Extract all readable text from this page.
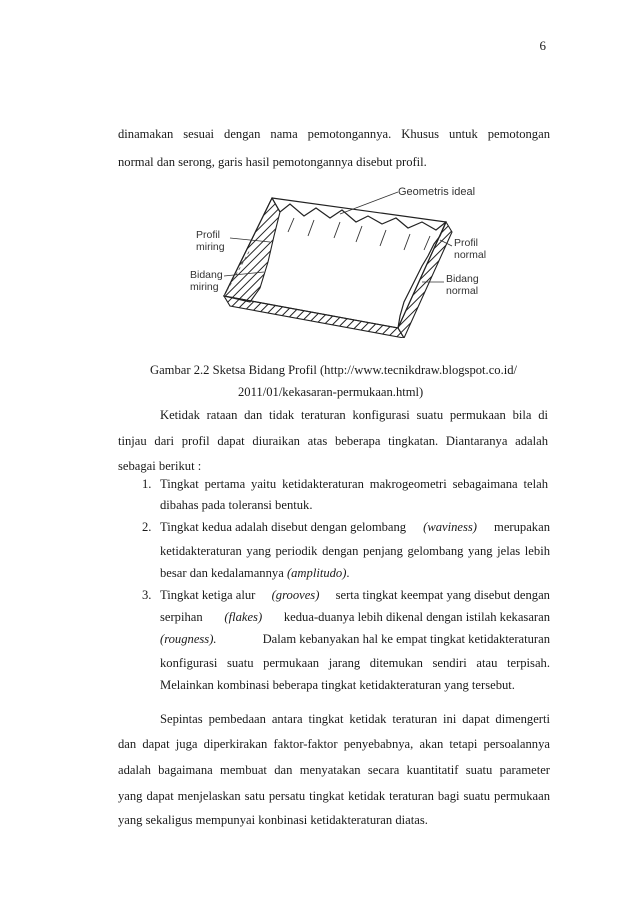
6
dinamakan sesuai dengan nama pemotongannya. Khusus untuk pemotongan
normal dan serong, garis hasil pemotongannya disebut profil.
Geometris ideal
Profil
miring
Bidang
miring
Profil
normal
Bidang
normal
Gambar 2.2 Sketsa Bidang Profil (http://www.tecnikdraw.blogspot.co.id/
2011/01/kekasaran-permukaan.html)
Ketidak rataan dan tidak teraturan konfigurasi suatu permukaan bila di
tinjau dari profil dapat diuraikan atas beberapa tingkatan. Diantaranya adalah
sebagai berikut :
1. Tingkat pertama yaitu ketidakteraturan makrogeometri sebagaimana telah
dibahas pada toleransi bentuk.
2. Tingkat kedua adalah disebut dengan gelombang (waviness) merupakan
ketidakteraturan yang periodik dengan penjang gelombang yang jelas lebih
besar dan kedalamannya (amplitudo).
3. Tingkat ketiga alur (grooves) serta tingkat keempat yang disebut dengan
serpihan (flakes) kedua-duanya lebih dikenal dengan istilah kekasaran
(rougness).	Dalam kebanyakan hal ke empat tingkat ketidakteraturan
konfigurasi suatu permukaan jarang ditemukan sendiri atau terpisah.
Melainkan kombinasi beberapa tingkat ketidakteraturan yang tersebut.
Sepintas pembedaan antara tingkat ketidak teraturan ini dapat dimengerti
dan dapat juga diperkirakan faktor-faktor penyebabnya, akan tetapi persoalannya
adalah bagaimana membuat dan menyatakan secara kuantitatif suatu parameter
yang dapat menjelaskan satu persatu tingkat ketidak teraturan bagi suatu permukaan
yang sekaligus mempunyai konbinasi ketidakteraturan diatas.
